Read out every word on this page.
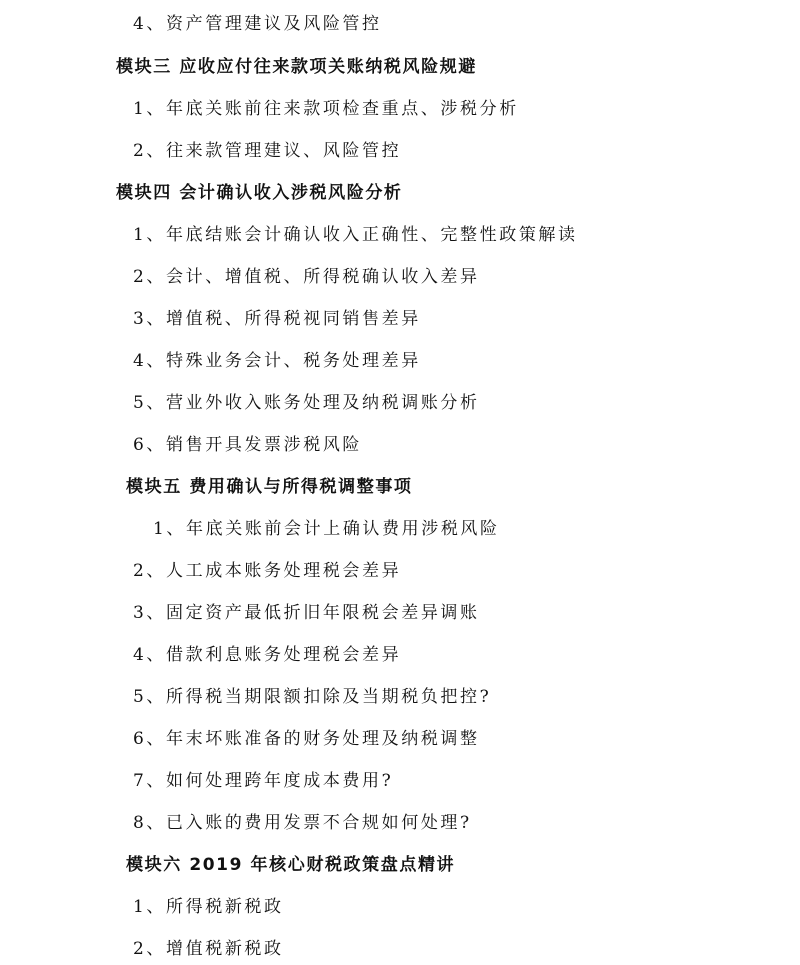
4、资产管理建议及风险管控
模块三 应收应付往来款项关账纳税风险规避
1、年底关账前往来款项检查重点、涉税分析
2、往来款管理建议、风险管控
模块四 会计确认收入涉税风险分析
1、年底结账会计确认收入正确性、完整性政策解读
2、会计、增值税、所得税确认收入差异
3、增值税、所得税视同销售差异
4、特殊业务会计、税务处理差异
5、营业外收入账务处理及纳税调账分析
6、销售开具发票涉税风险
模块五 费用确认与所得税调整事项
1、年底关账前会计上确认费用涉税风险
2、人工成本账务处理税会差异
3、固定资产最低折旧年限税会差异调账
4、借款利息账务处理税会差异
5、所得税当期限额扣除及当期税负把控?
6、年末坏账准备的财务处理及纳税调整
7、如何处理跨年度成本费用?
8、已入账的费用发票不合规如何处理?
模块六 2019 年核心财税政策盘点精讲
1、所得税新税政
2、增值税新税政
